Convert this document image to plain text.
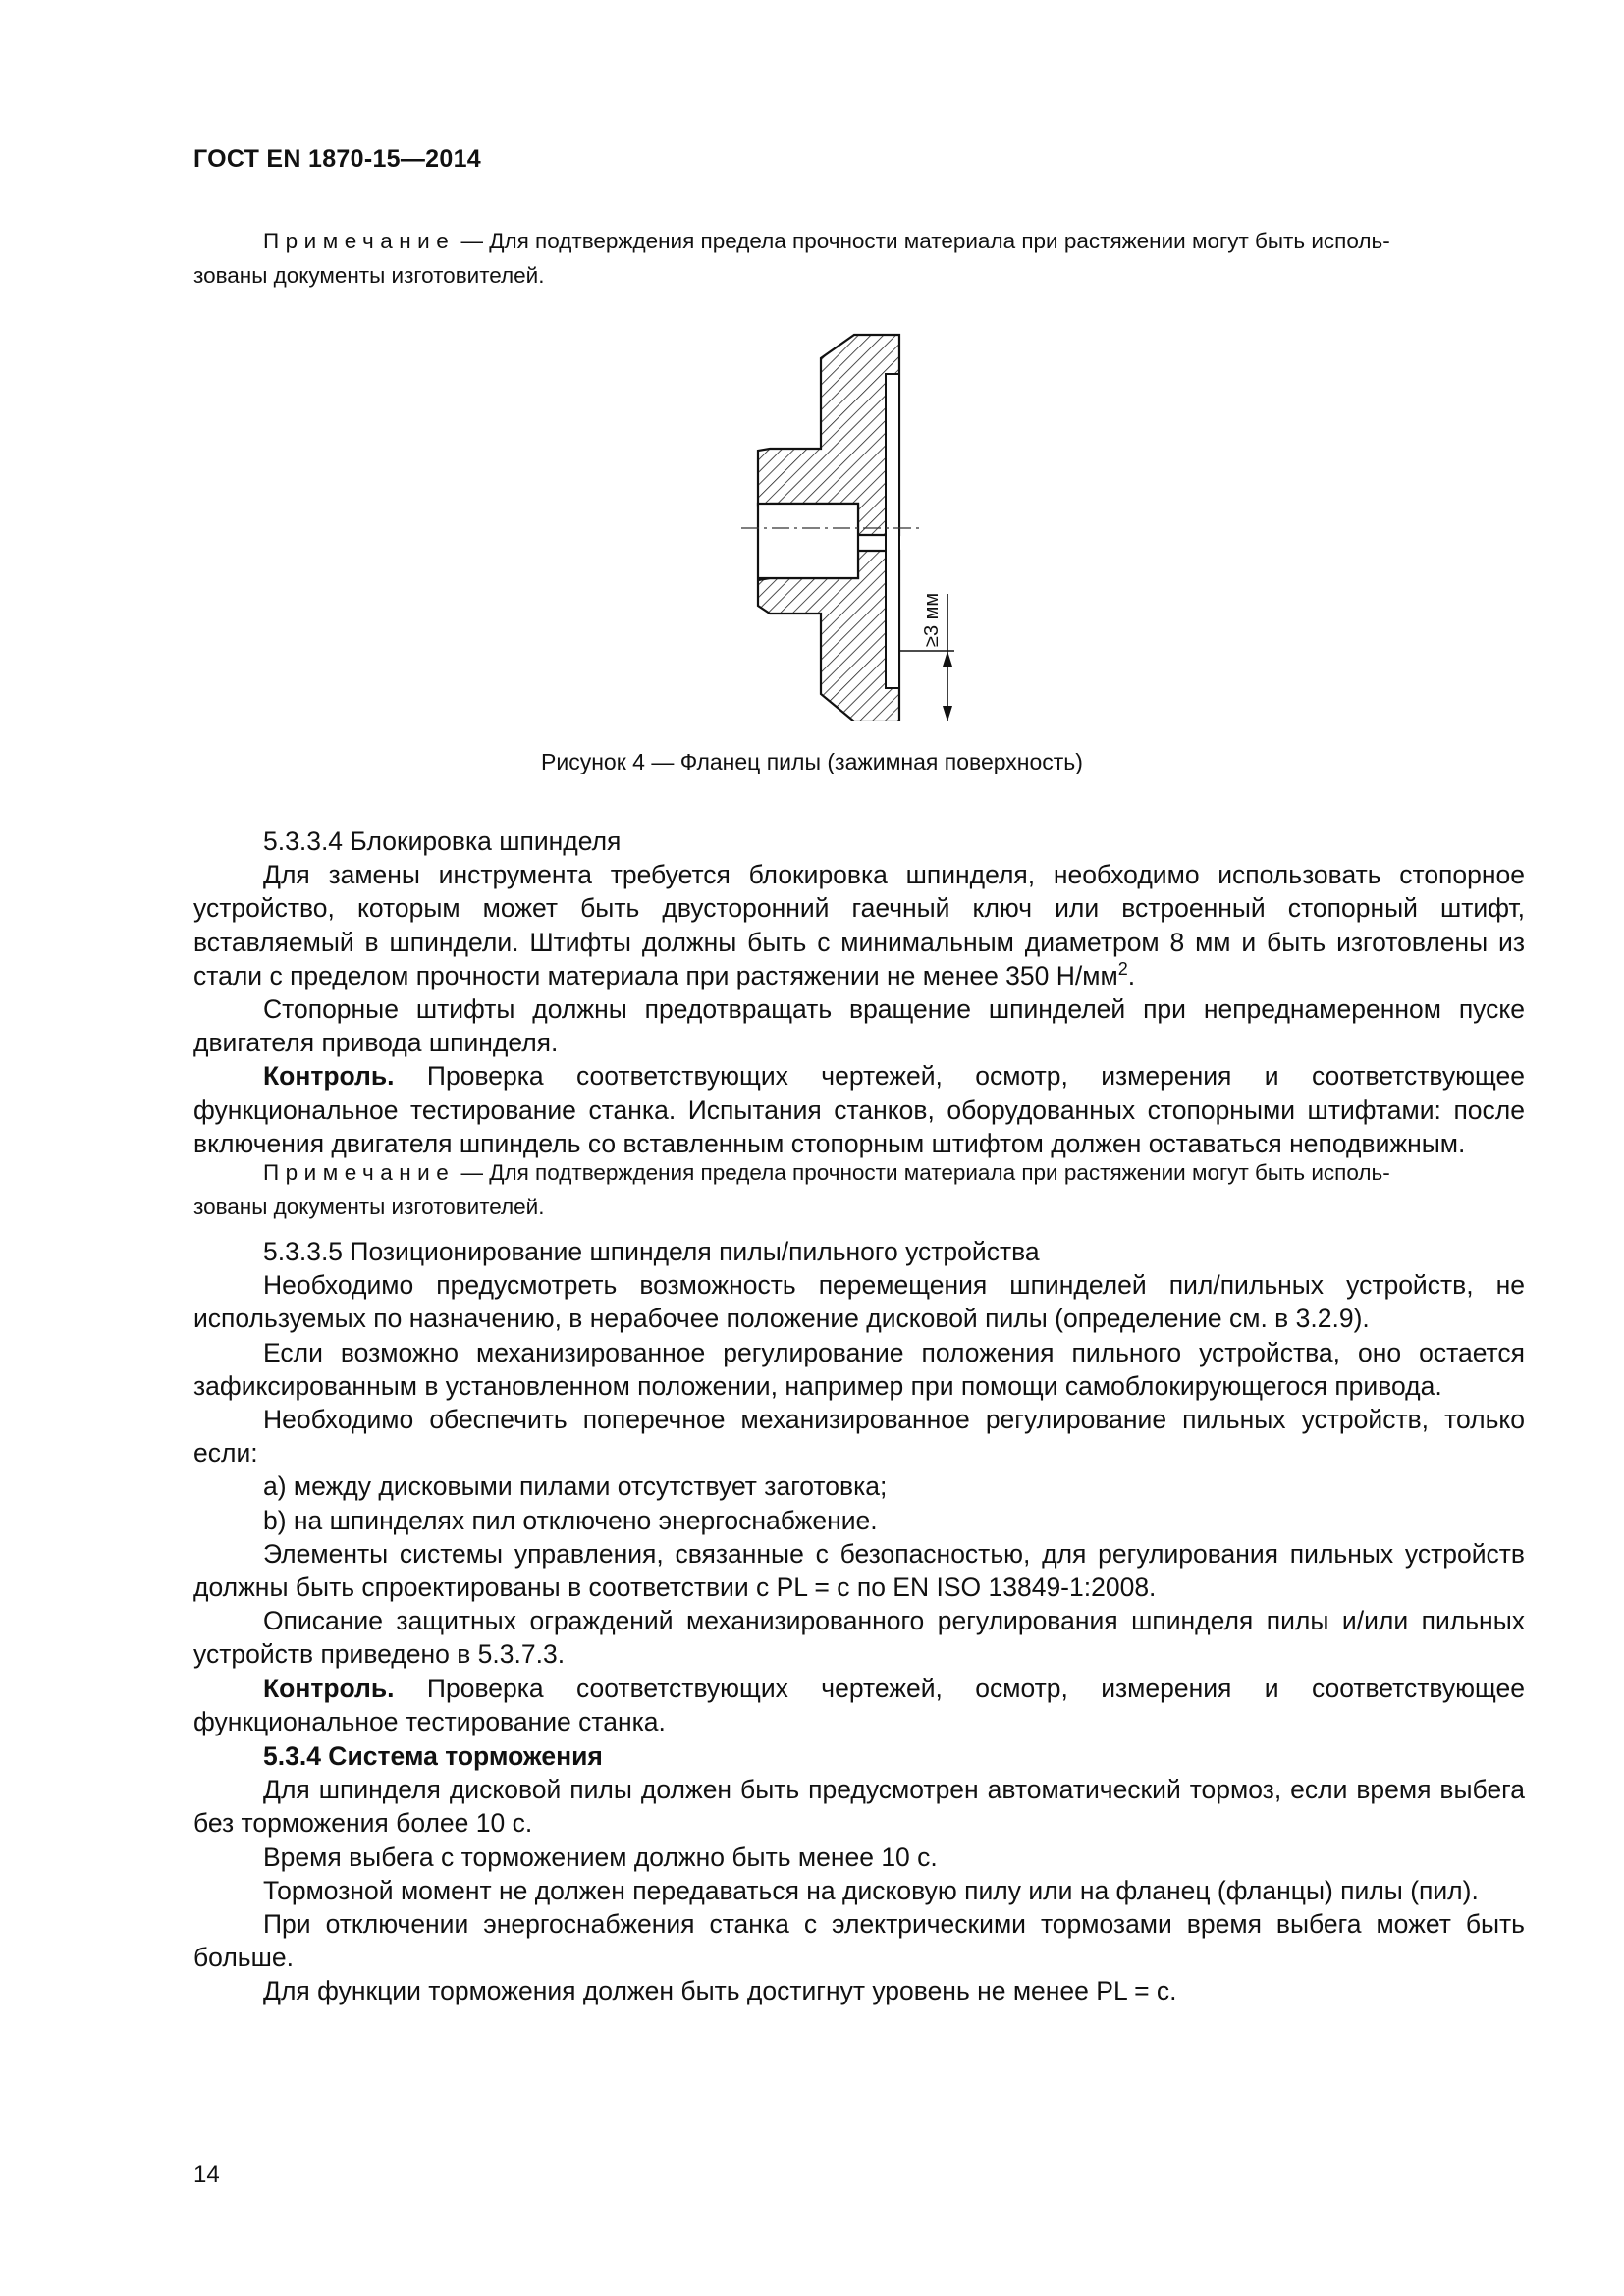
ГОСТ EN 1870-15—2014

Примечание — Для подтверждения предела прочности материала при растяжении могут быть исполь-

зованы документы изготовителей.

≥3 мм
Рисунок 4 — Фланец пилы (зажимная поверхность)

5.3.3.4 Блокировка шпинделя

Для замены инструмента требуется блокировка шпинделя, необходимо использовать стопорное устройство, которым может быть двусторонний гаечный ключ или встроенный стопорный штифт, вставляемый в шпиндели. Штифты должны быть с минимальным диаметром 8 мм и быть изготовлены из стали с пределом прочности материала при растяжении не менее 350 $Н/мм^2$.

Стопорные штифты должны предотвращать вращение шпинделей при непреднамеренном пуске двигателя привода шпинделя.

Контроль. Проверка соответствующих чертежей, осмотр, измерения и соответствующее функциональное тестирование станка. Испытания станков, оборудованных стопорными штифтами: после включения двигателя шпиндель со вставленным стопорным штифтом должен оставаться неподвижным.

Примечание — Для подтверждения предела прочности материала при растяжении могут быть исполь-

зованы документы изготовителей.

5.3.3.5 Позиционирование шпинделя пилы/пильного устройства

Необходимо предусмотреть возможность перемещения шпинделей пил/пильных устройств, не используемых по назначению, в нерабочее положение дисковой пилы (определение см. в 3.2.9).

Если возможно механизированное регулирование положения пильного устройства, оно остается зафиксированным в установленном положении, например при помощи самоблокирующегося привода.

Необходимо обеспечить поперечное механизированное регулирование пильных устройств, только если:

a) между дисковыми пилами отсутствует заготовка;

b) на шпинделях пил отключено энергоснабжение.

Элементы системы управления, связанные с безопасностью, для регулирования пильных устройств должны быть спроектированы в соответствии с PL = c по EN ISO 13849-1:2008.

Описание защитных ограждений механизированного регулирования шпинделя пилы и/или пильных устройств приведено в 5.3.7.3.

Контроль. Проверка соответствующих чертежей, осмотр, измерения и соответствующее функциональное тестирование станка.

5.3.4 Система торможения

Для шпинделя дисковой пилы должен быть предусмотрен автоматический тормоз, если время выбега без торможения более 10 с.

Время выбега с торможением должно быть менее 10 с.

Тормозной момент не должен передаваться на дисковую пилу или на фланец (фланцы) пилы (пил).

При отключении энергоснабжения станка с электрическими тормозами время выбега может быть больше.

Для функции торможения должен быть достигнут уровень не менее PL = c.

14
